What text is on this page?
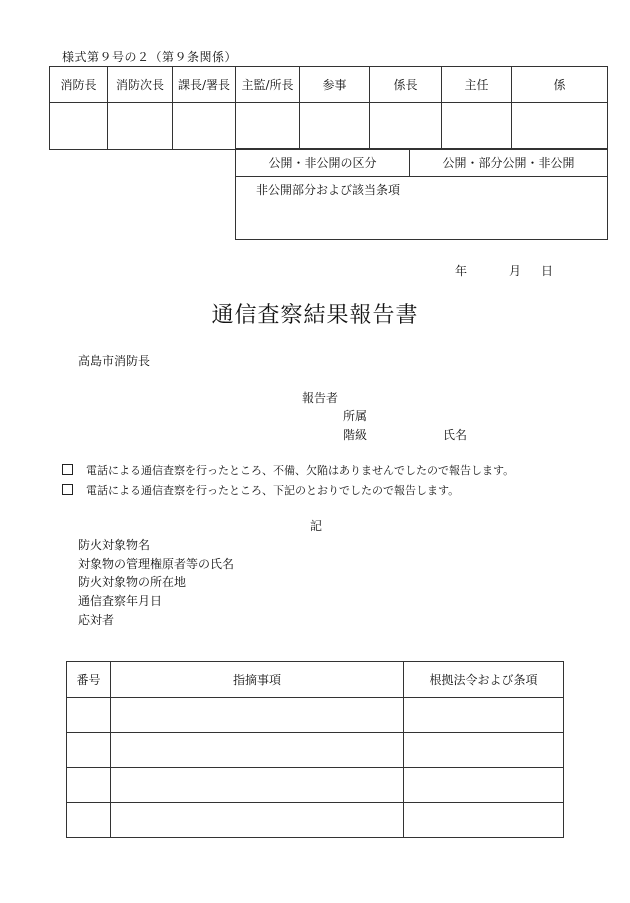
様式第９号の２（第９条関係）
消防長	消防次長	課長/署長	主監/所長	参事	係長	主任	係

公開・非公開の区分	公開・部分公開・非公開
非公開部分および該当条項
年	月 日
通信査察結果報告書
高島市消防長
報告者
所属
階級	氏名
電話による通信査察を行ったところ、不備、欠陥はありませんでしたので報告します。
電話による通信査察を行ったところ、下記のとおりでしたので報告します。
記
防火対象物名
対象物の管理権原者等の氏名
防火対象物の所在地
通信査察年月日
応対者
番号	指摘事項	根拠法令および条項
